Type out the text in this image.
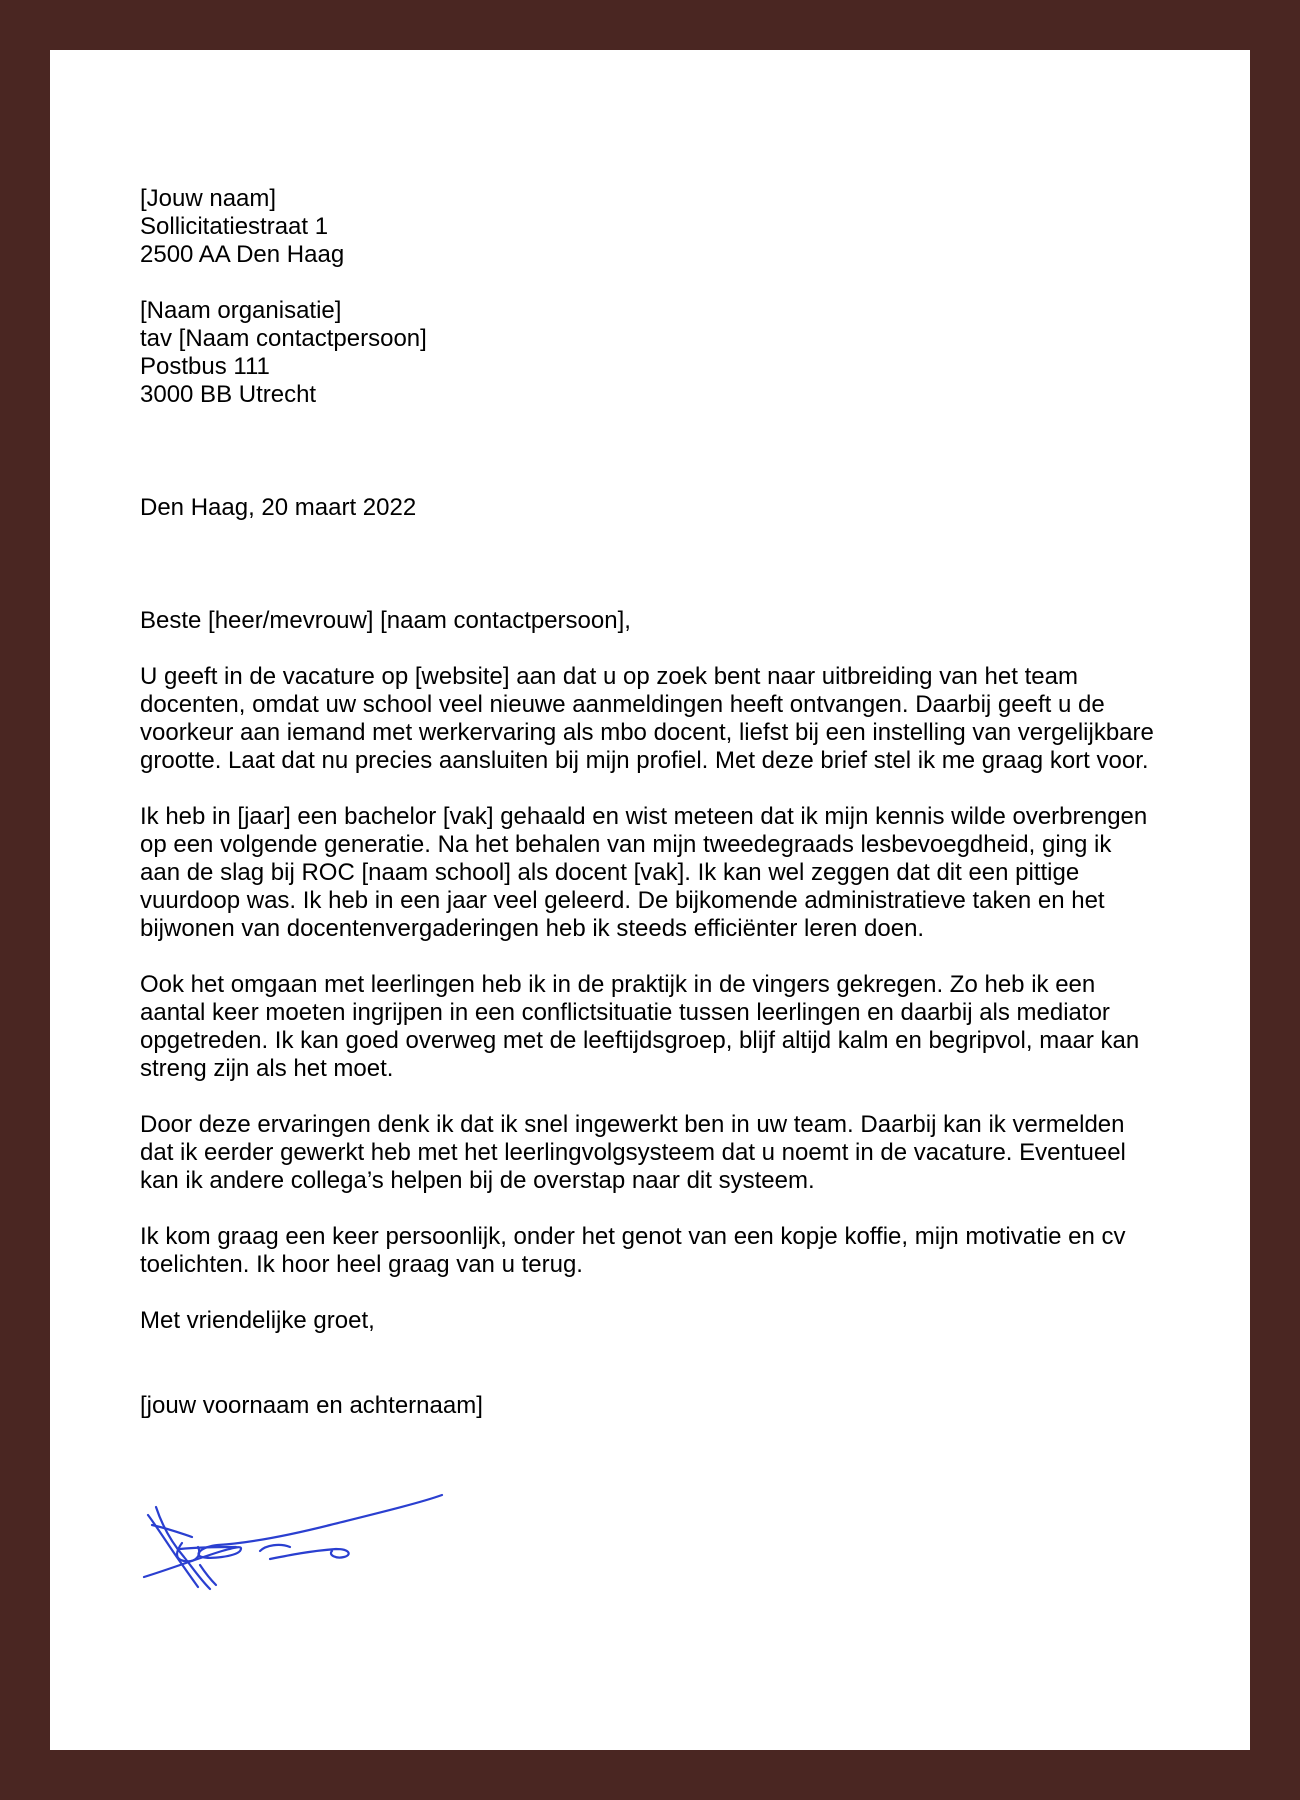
[Jouw naam]
Sollicitatiestraat 1
2500 AA Den Haag
[Naam organisatie]
tav [Naam contactpersoon]
Postbus 111
3000 BB Utrecht
Den Haag, 20 maart 2022
Beste [heer/mevrouw] [naam contactpersoon],
U geeft in de vacature op [website] aan dat u op zoek bent naar uitbreiding van het team
docenten, omdat uw school veel nieuwe aanmeldingen heeft ontvangen. Daarbij geeft u de
voorkeur aan iemand met werkervaring als mbo docent, liefst bij een instelling van vergelijkbare
grootte. Laat dat nu precies aansluiten bij mijn profiel. Met deze brief stel ik me graag kort voor.
Ik heb in [jaar] een bachelor [vak] gehaald en wist meteen dat ik mijn kennis wilde overbrengen
op een volgende generatie. Na het behalen van mijn tweedegraads lesbevoegdheid, ging ik
aan de slag bij ROC [naam school] als docent [vak]. Ik kan wel zeggen dat dit een pittige
vuurdoop was. Ik heb in een jaar veel geleerd. De bijkomende administratieve taken en het
bijwonen van docentenvergaderingen heb ik steeds efficiënter leren doen.
Ook het omgaan met leerlingen heb ik in de praktijk in de vingers gekregen. Zo heb ik een
aantal keer moeten ingrijpen in een conflictsituatie tussen leerlingen en daarbij als mediator
opgetreden. Ik kan goed overweg met de leeftijdsgroep, blijf altijd kalm en begripvol, maar kan
streng zijn als het moet.
Door deze ervaringen denk ik dat ik snel ingewerkt ben in uw team. Daarbij kan ik vermelden
dat ik eerder gewerkt heb met het leerlingvolgsysteem dat u noemt in de vacature. Eventueel
kan ik andere collega’s helpen bij de overstap naar dit systeem.
Ik kom graag een keer persoonlijk, onder het genot van een kopje koffie, mijn motivatie en cv
toelichten. Ik hoor heel graag van u terug.
Met vriendelijke groet,
[jouw voornaam en achternaam]
